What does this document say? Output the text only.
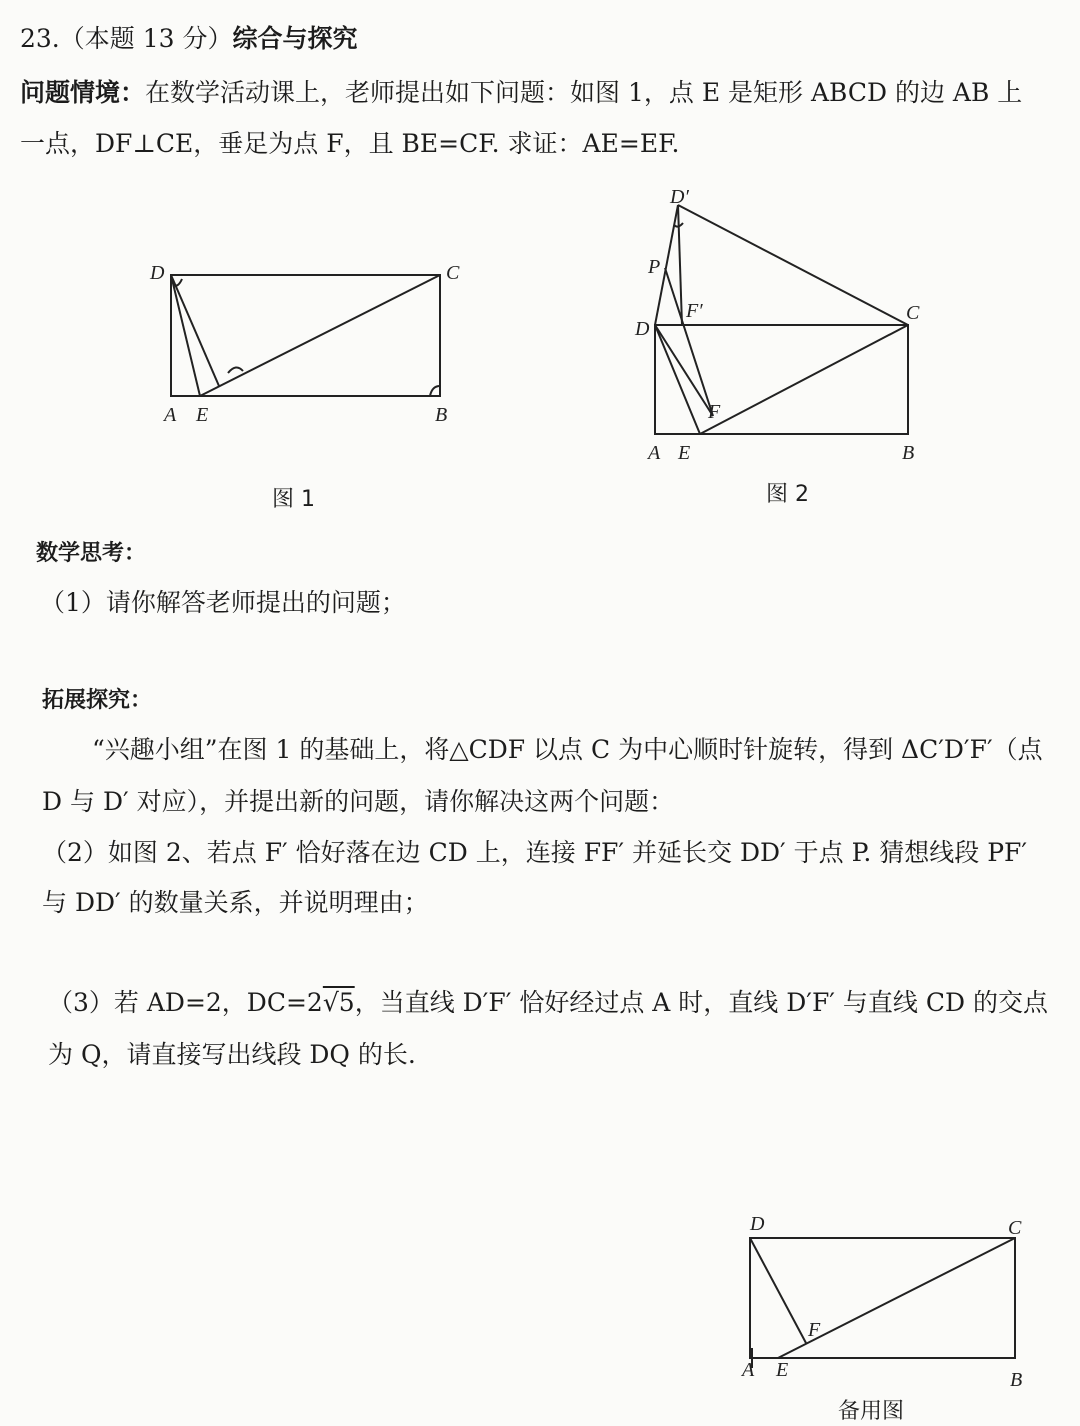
23.（本题 13 分）综合与探究
问题情境：在数学活动课上，老师提出如下问题：如图 1，点 E 是矩形 ABCD 的边 AB 上
一点，DF⊥CE，垂足为点 F，且 BE=CF. 求证：AE=EF.
D	C
A E	B
图 1
D′
P
F′
D
C
F
A E	B
图 2
数学思考：
（1）请你解答老师提出的问题；
拓展探究：
“兴趣小组”在图 1 的基础上，将△CDF 以点 C 为中心顺时针旋转，得到 ΔC′D′F′（点
D 与 D′ 对应），并提出新的问题，请你解决这两个问题：
（2）如图 2、若点 F′ 恰好落在边 CD 上，连接 FF′ 并延长交 DD′ 于点 P. 猜想线段 PF′
与 DD′ 的数量关系，并说明理由；
（3）若 AD=2，DC=2√5，当直线 D′F′ 恰好经过点 A 时，直线 D′F′ 与直线 CD 的交点
为 Q，请直接写出线段 DQ 的长.
D	C
F
A E	B
备用图
